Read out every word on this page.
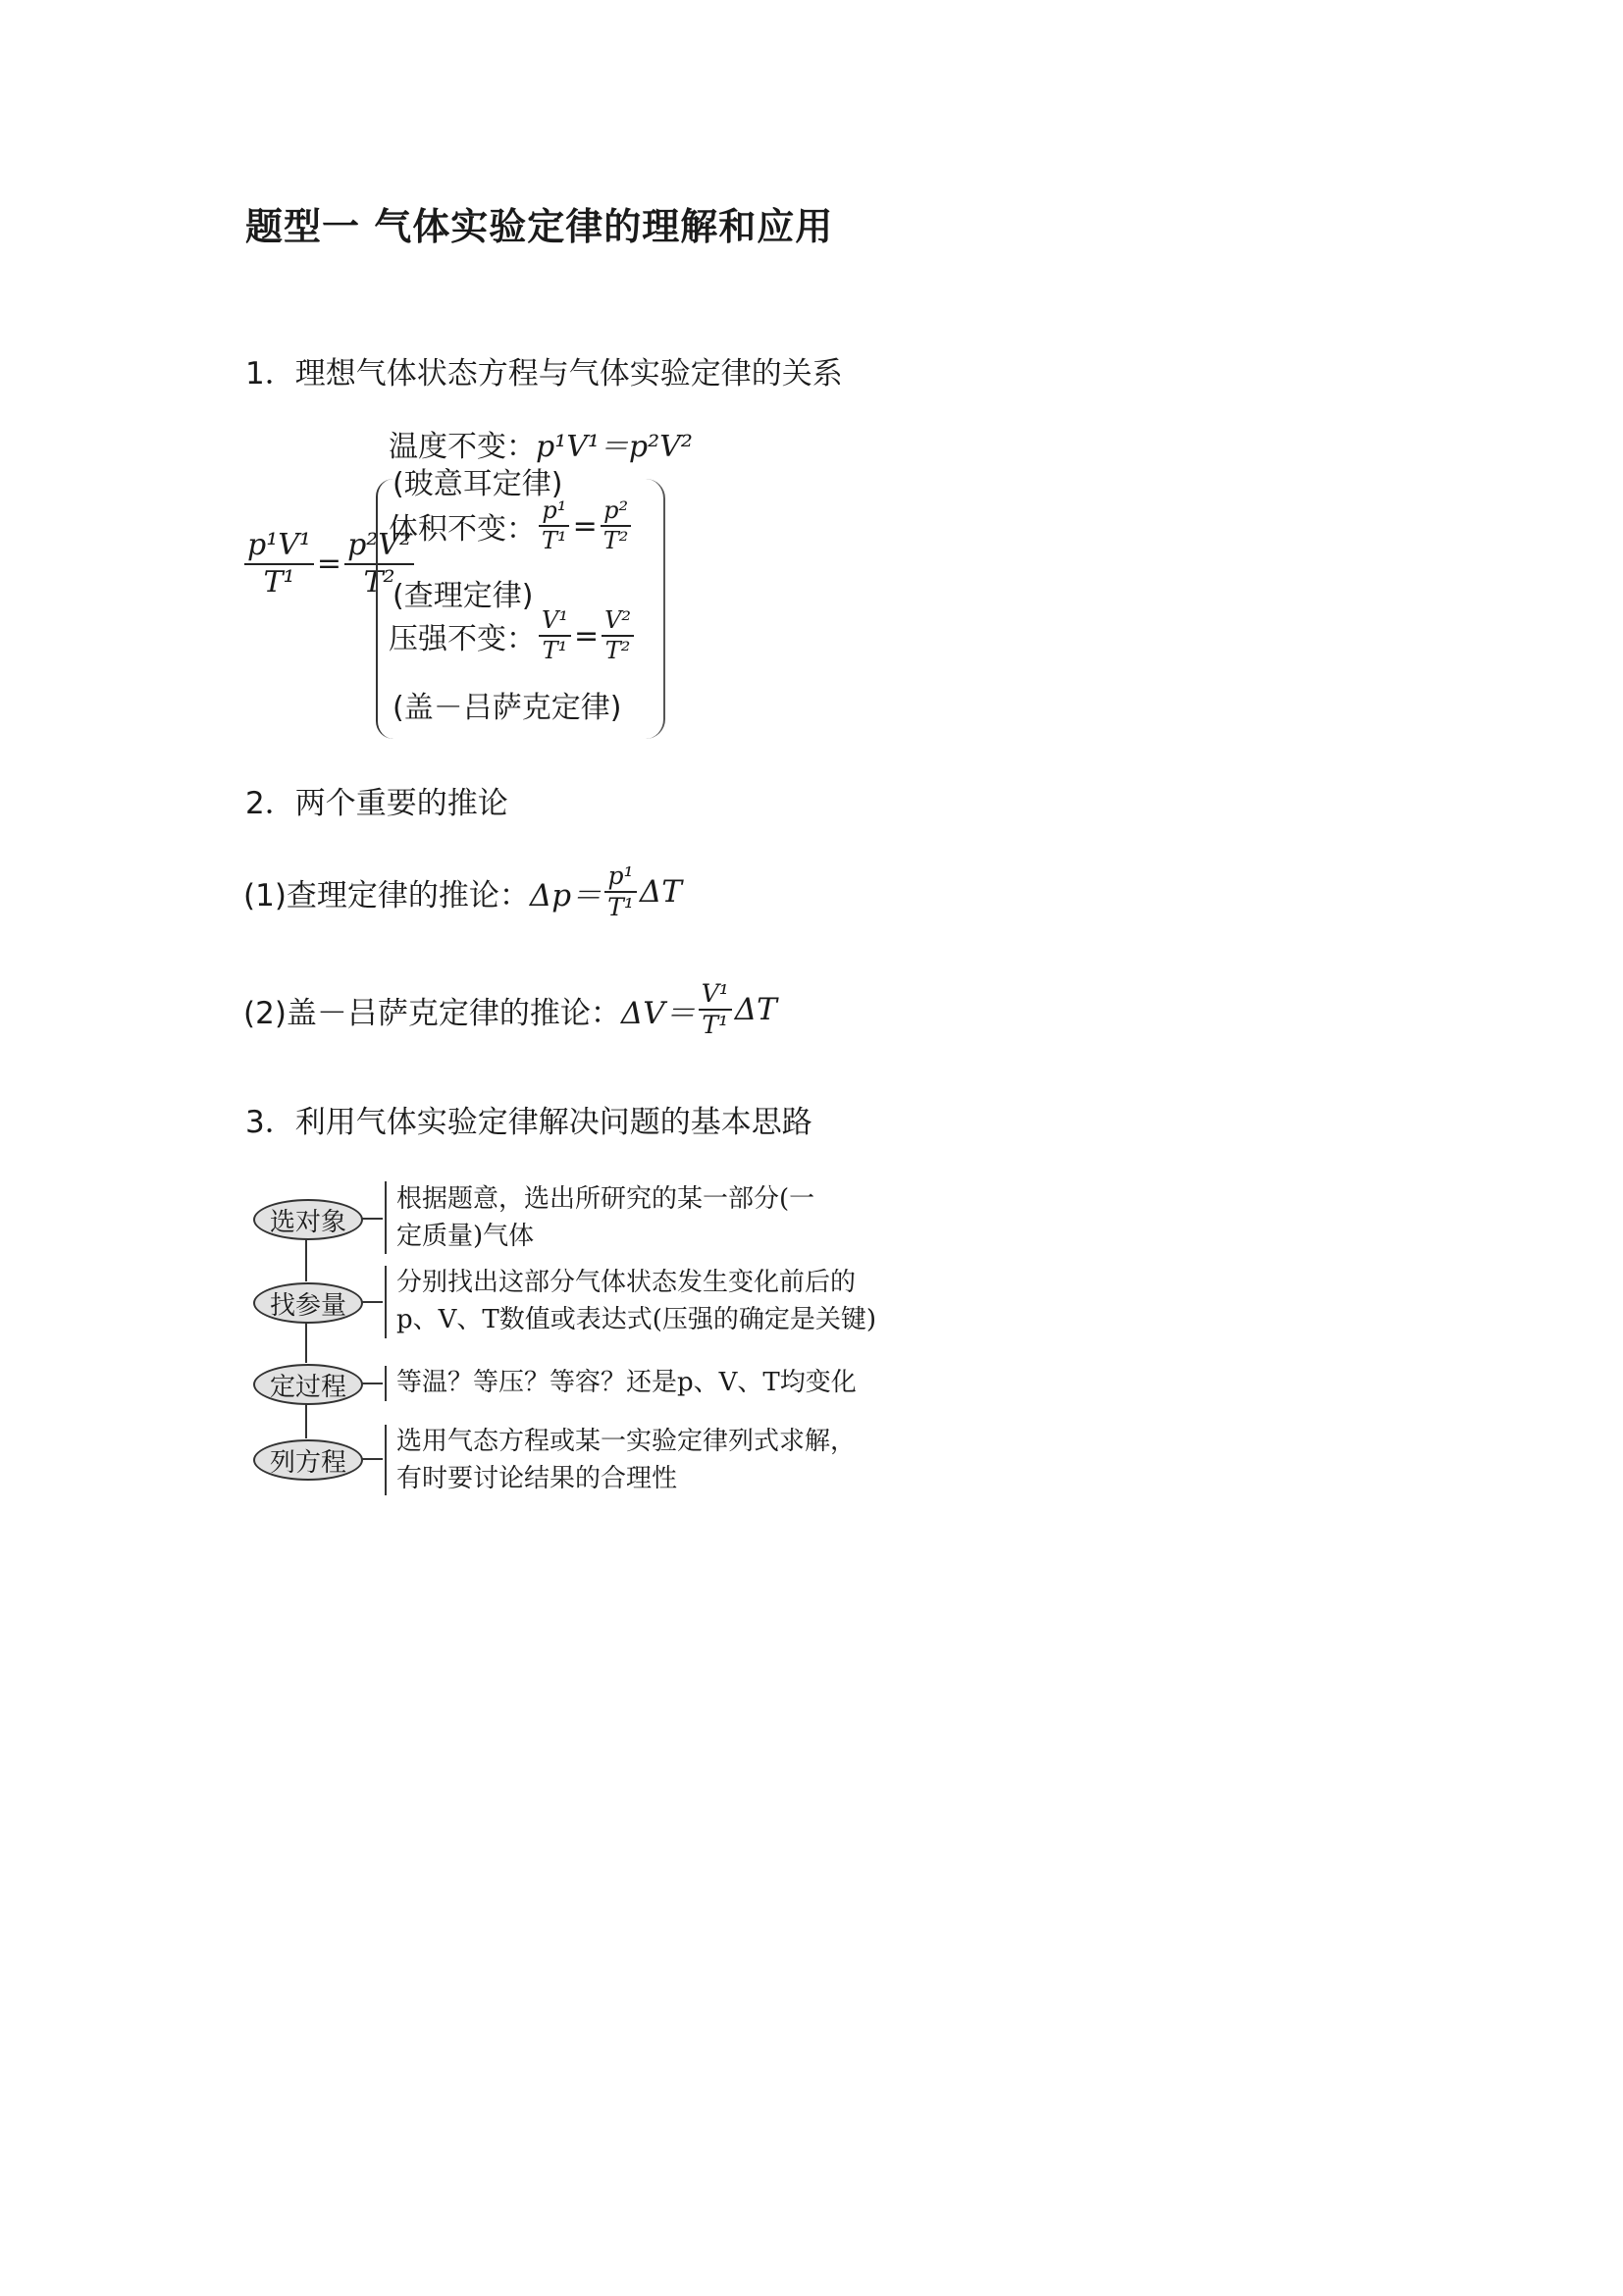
题型一 气体实验定律的理解和应用
1．理想气体状态方程与气体实验定律的关系
$\frac{\text{p¹V¹}}{\text{T¹}} = \frac{\text{p²V²}}{\text{T²}}$
温度不变：p¹V¹＝p²V²
(玻意耳定律)
体积不变： $\frac{\text{p¹}}{\text{T¹}} = \frac{\text{p²}}{\text{T²}}$
(查理定律)
压强不变： $\frac{\text{V¹}}{\text{T¹}} = \frac{\text{V²}}{\text{T²}}$
(盖－吕萨克定律)
2．两个重要的推论
(1)查理定律的推论： $\Delta p= \frac{\text{p¹}}{\text{T¹}}$ ΔT
(2)盖－吕萨克定律的推论： $\Delta V= \frac{\text{V¹}}{\text{T¹}}$ ΔT
3．利用气体实验定律解决问题的基本思路
选对象
根据题意，选出所研究的某一部分(一
定质量)气体
找参量
分别找出这部分气体状态发生变化前后的
p、V、T数值或表达式(压强的确定是关键)
定过程	等温？等压？等容？还是p、V、T均变化
列方程
选用气态方程或某一实验定律列式求解，
有时要讨论结果的合理性
